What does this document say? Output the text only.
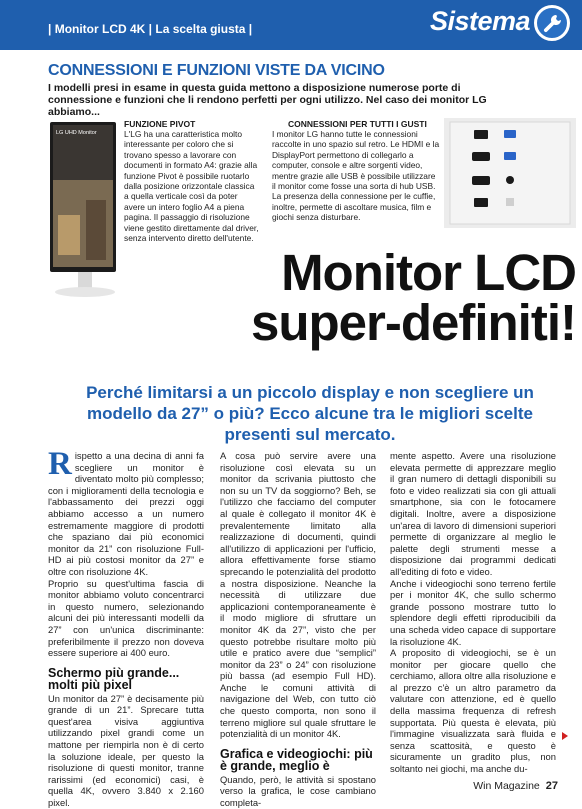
| Monitor LCD 4K | La scelta giusta |	Sistema
CONNESSIONI E FUNZIONI VISTE DA VICINO
I modelli presi in esame in questa guida mettono a disposizione numerose porte di connessione e funzioni che li rendono perfetti per ogni utilizzo. Nel caso dei monitor LG abbiamo...
LG UHD Monitor
FUNZIONE PIVOT
L'LG ha una caratteristica molto interessante per coloro che si trovano spesso a lavorare con documenti in formato A4: grazie alla funzione Pivot è possibile ruotarlo dalla posizione orizzontale classica a quella verticale così da poter avere un intero foglio A4 a piena pagina. Il passaggio di risoluzione viene gestito direttamente dal driver, senza intervento diretto dell'utente.
CONNESSIONI PER TUTTI I GUSTI
I monitor LG hanno tutte le connessioni raccolte in uno spazio sul retro. Le HDMI e la DisplayPort permettono di collegarlo a computer, console e altre sorgenti video, mentre grazie alle USB è possibile utilizzare il monitor come fosse una sorta di hub USB. La presenza della connessione per le cuffie, inoltre, permette di ascoltare musica, film e giochi senza disturbare.
Monitor LCD
super-definiti!
Perché limitarsi a un piccolo display e non scegliere un modello da 27” o più? Ecco alcune tra le migliori scelte presenti sul mercato.

Rispetto a una decina di anni fa scegliere un monitor è diventato molto più complesso; con i miglioramenti della tecnologia e l'abbassamento dei prezzi oggi abbiamo accesso a un numero estremamente maggiore di prodotti che spaziano dai più economici monitor da 21” con risoluzione Full-HD ai più costosi monitor da 27” e oltre con risoluzione 4K.

Proprio su quest'ultima fascia di monitor abbiamo voluto concentrarci in questo numero, selezionando alcuni dei più interessanti modelli da 27” con un'unica discriminante: preferibilmente il prezzo non doveva essere superiore ai 400 euro.

Schermo più grande... molti più pixel

Un monitor da 27” è decisamente più grande di un 21”. Sprecare tutta quest'area visiva aggiuntiva utilizzando pixel grandi come un mattone per riempirla non è di certo la soluzione ideale, per questo la risoluzione di questi monitor, tranne rarissimi (ed economici) casi, è quella 4K, ovvero 3.840 x 2.160 pixel.

A cosa può servire avere una risoluzione così elevata su un monitor da scrivania piuttosto che non su un TV da soggiorno? Beh, se l'utilizzo che facciamo del computer al quale è collegato il monitor 4K è prevalentemente limitato alla realizzazione di documenti, quindi all'utilizzo di applicazioni per l'ufficio, allora effettivamente forse stiamo sprecando le potenzialità del prodotto a nostra disposizione. Neanche la necessità di utilizzare due applicazioni contemporaneamente è il modo migliore di sfruttare un monitor 4K da 27”, visto che per questo potrebbe risultare molto più utile e pratico avere due “semplici” monitor da 23” o 24” con risoluzione più bassa (ad esempio Full HD). Anche le comuni attività di navigazione del Web, con tutto ciò che questo comporta, non sono il terreno migliore sul quale sfruttare le potenzialità di un monitor 4K.

Grafica e videogiochi: più è grande, meglio è

Quando, però, le attività si spostano verso la grafica, le cose cambiano completa-

mente aspetto. Avere una risoluzione elevata permette di apprezzare meglio il gran numero di dettagli disponibili su foto e video realizzati sia con gli attuali smartphone, sia con le fotocamere digitali. Inoltre, avere a disposizione un'area di lavoro di dimensioni superiori permette di organizzare al meglio le palette degli strumenti messe a disposizione dai programmi dedicati all'editing di foto e video.

Anche i videogiochi sono terreno fertile per i monitor 4K, che sullo schermo grande possono mostrare tutto lo splendore degli effetti riproducibili da una scheda video capace di supportare la risoluzione 4K.

A proposito di videogiochi, se è un monitor per giocare quello che cerchiamo, allora oltre alla risoluzione e al prezzo c'è un altro parametro da valutare con attenzione, ed è quello della massima frequenza di refresh supportata. Più questa è elevata, più l'immagine visualizzata sarà fluida e senza scattosità, e questo è sicuramente un gradito plus, non soltanto nei giochi, ma anche du-

Win Magazine 27
